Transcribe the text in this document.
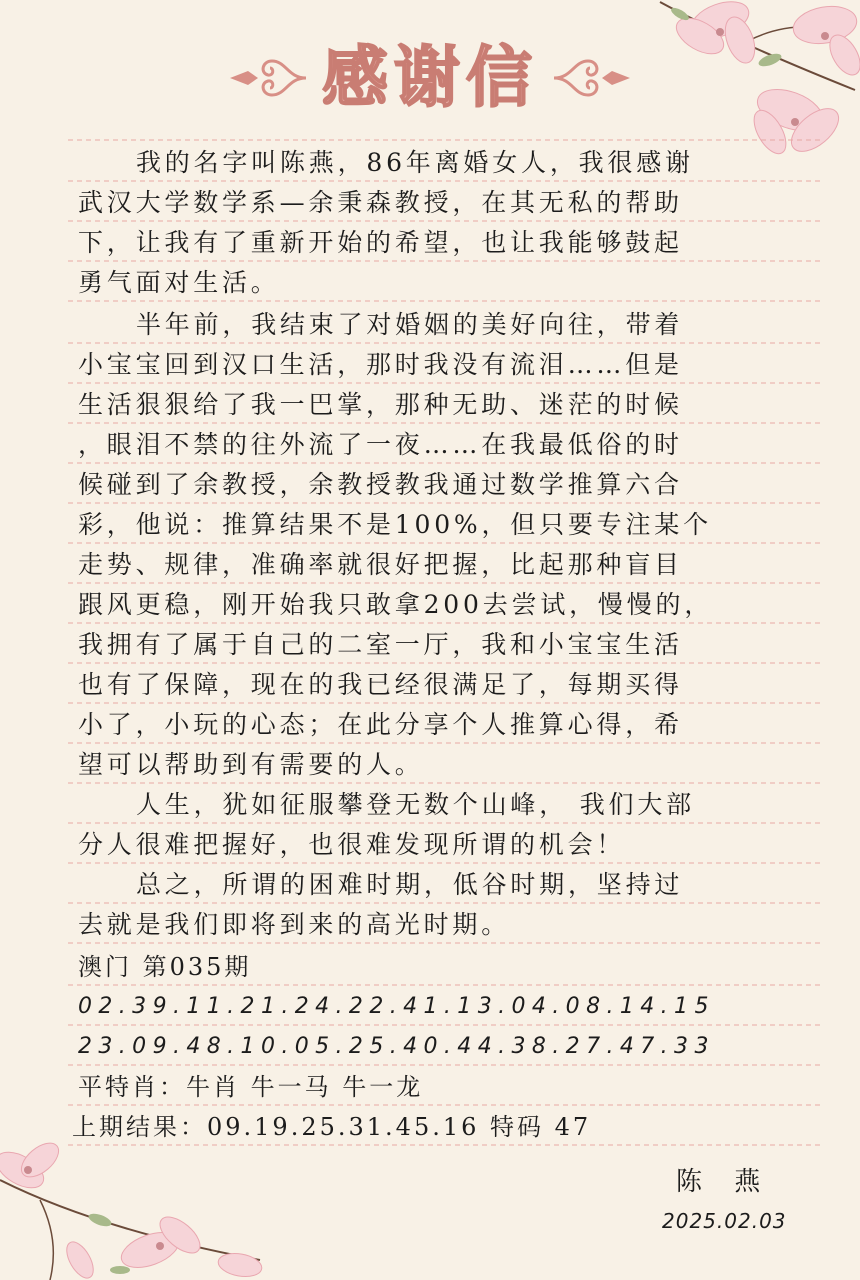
感谢信
我的名字叫陈燕，86年离婚女人，我很感谢
武汉大学数学系—余秉森教授，在其无私的帮助
下，让我有了重新开始的希望，也让我能够鼓起
勇气面对生活。
半年前，我结束了对婚姻的美好向往，带着
小宝宝回到汉口生活，那时我没有流泪……但是
生活狠狠给了我一巴掌，那种无助、迷茫的时候
，眼泪不禁的往外流了一夜……在我最低俗的时
候碰到了余教授，余教授教我通过数学推算六合
彩，他说：推算结果不是100%，但只要专注某个
走势、规律，准确率就很好把握，比起那种盲目
跟风更稳，刚开始我只敢拿200去尝试，慢慢的，
我拥有了属于自己的二室一厅，我和小宝宝生活
也有了保障，现在的我已经很满足了，每期买得
小了，小玩的心态；在此分享个人推算心得，希
望可以帮助到有需要的人。
人生，犹如征服攀登无数个山峰， 我们大部
分人很难把握好，也很难发现所谓的机会！
总之，所谓的困难时期，低谷时期，坚持过
去就是我们即将到来的高光时期。
澳门 第035期
02.39.11.21.24.22.41.13.04.08.14.15
23.09.48.10.05.25.40.44.38.27.47.33
平特肖：牛肖 牛一马 牛一龙
上期结果：09.19.25.31.45.16 特码 47
陈 燕
2025.02.03
